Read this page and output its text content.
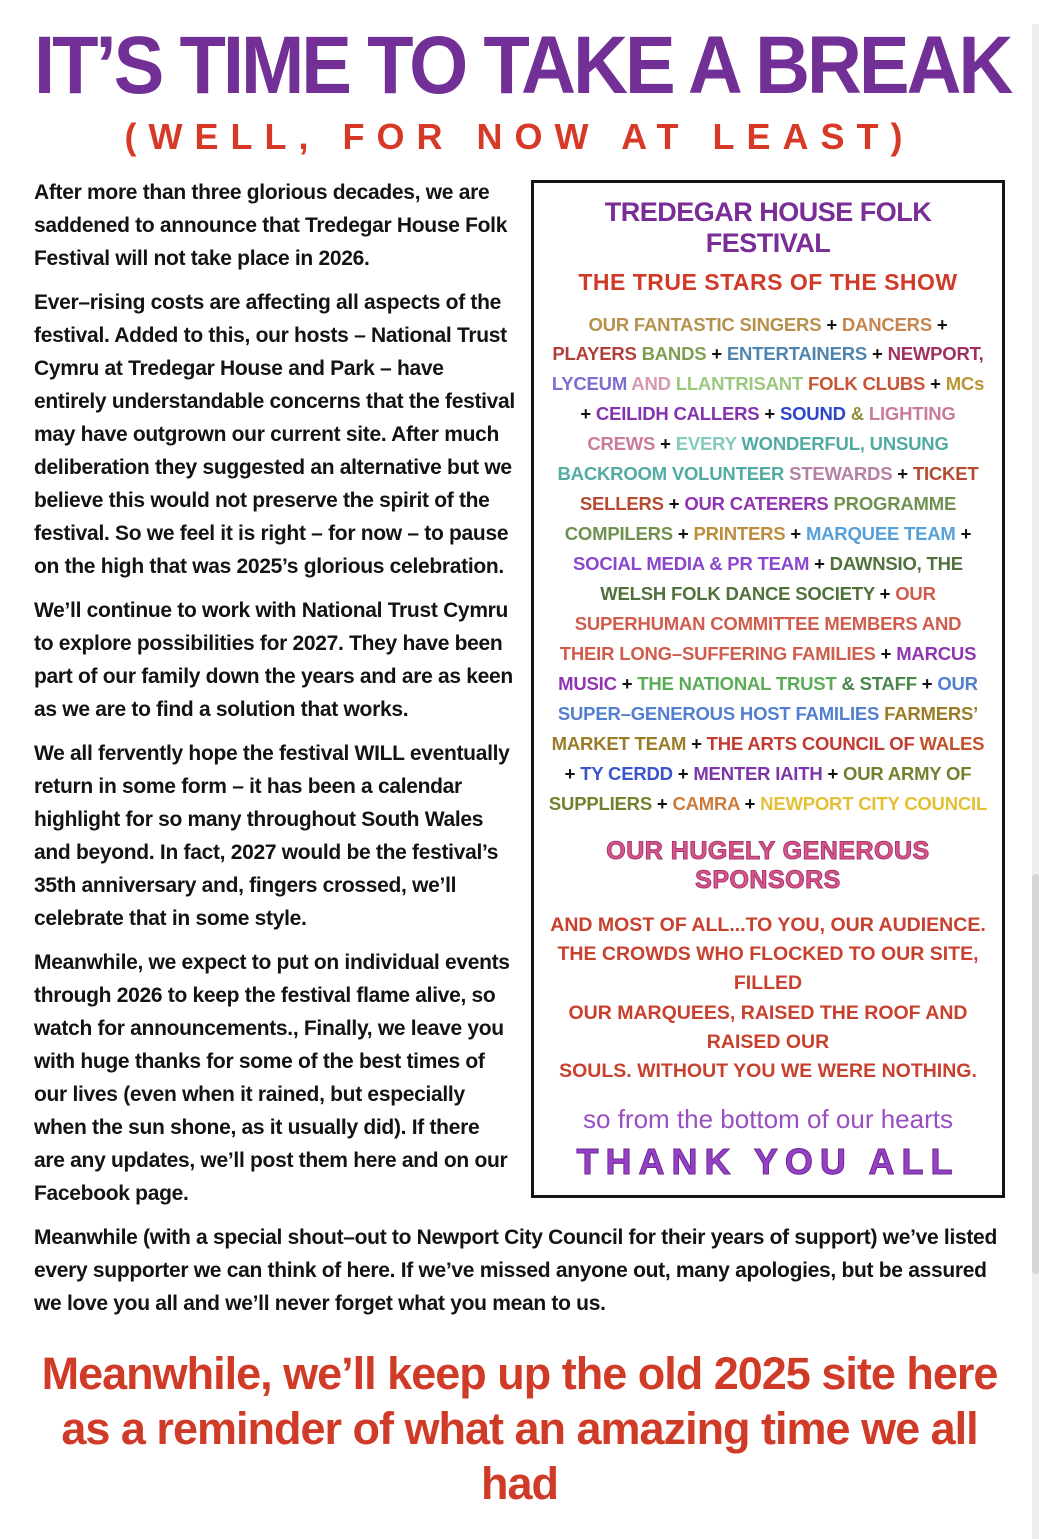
IT’S TIME TO TAKE A BREAK
(WELL, FOR NOW AT LEAST)
TREDEGAR HOUSE FOLK FESTIVAL
THE TRUE STARS OF THE SHOW
OUR FANTASTIC SINGERS + DANCERS + PLAYERS BANDS + ENTERTAINERS + NEWPORT, LYCEUM AND LLANTRISANT FOLK CLUBS + MCs + CEILIDH CALLERS + SOUND & LIGHTING CREWS + EVERY WONDERFUL, UNSUNG BACKROOM VOLUNTEER STEWARDS + TICKET SELLERS + OUR CATERERS PROGRAMME COMPILERS + PRINTERS + MARQUEE TEAM + SOCIAL MEDIA & PR TEAM + DAWNSIO, THE WELSH FOLK DANCE SOCIETY + OUR SUPERHUMAN COMMITTEE MEMBERS AND THEIR LONG–SUFFERING FAMILIES + MARCUS MUSIC + THE NATIONAL TRUST & STAFF + OUR SUPER–GENEROUS HOST FAMILIES FARMERS’ MARKET TEAM + THE ARTS COUNCIL OF WALES + TY CERDD + MENTER IAITH + OUR ARMY OF SUPPLIERS + CAMRA + NEWPORT CITY COUNCIL
OUR HUGELY GENEROUS SPONSORS
AND MOST OF ALL...TO YOU, OUR AUDIENCE.
THE CROWDS WHO FLOCKED TO OUR SITE, FILLED
OUR MARQUEES, RAISED THE ROOF AND RAISED OUR
SOULS. WITHOUT YOU WE WERE NOTHING.
so from the bottom of our hearts
THANK YOU ALL

After more than three glorious decades, we are saddened to announce that Tredegar House Folk Festival will not take place in 2026.

Ever–rising costs are affecting all aspects of the festival. Added to this, our hosts – National Trust Cymru at Tredegar House and Park – have entirely understandable concerns that the festival may have outgrown our current site. After much deliberation they suggested an alternative but we believe this would not preserve the spirit of the festival. So we feel it is right – for now – to pause on the high that was 2025’s glorious celebration.

We’ll continue to work with National Trust Cymru to explore possibilities for 2027. They have been part of our family down the years and are as keen as we are to find a solution that works.

We all fervently hope the festival WILL eventually return in some form – it has been a calendar highlight for so many throughout South Wales and beyond. In fact, 2027 would be the festival’s 35th anniversary and, fingers crossed, we’ll celebrate that in some style.

Meanwhile, we expect to put on individual events through 2026 to keep the festival flame alive, so watch for announcements., Finally, we leave you with huge thanks for some of the best times of our lives (even when it rained, but especially when the sun shone, as it usually did). If there are any updates, we’ll post them here and on our Facebook page.

Meanwhile (with a special shout–out to Newport City Council for their years of support) we’ve listed every supporter we can think of here. If we’ve missed anyone out, many apologies, but be assured we love you all and we’ll never forget what you mean to us.

Meanwhile, we’ll keep up the old 2025 site here
as a reminder of what an amazing time we all had
